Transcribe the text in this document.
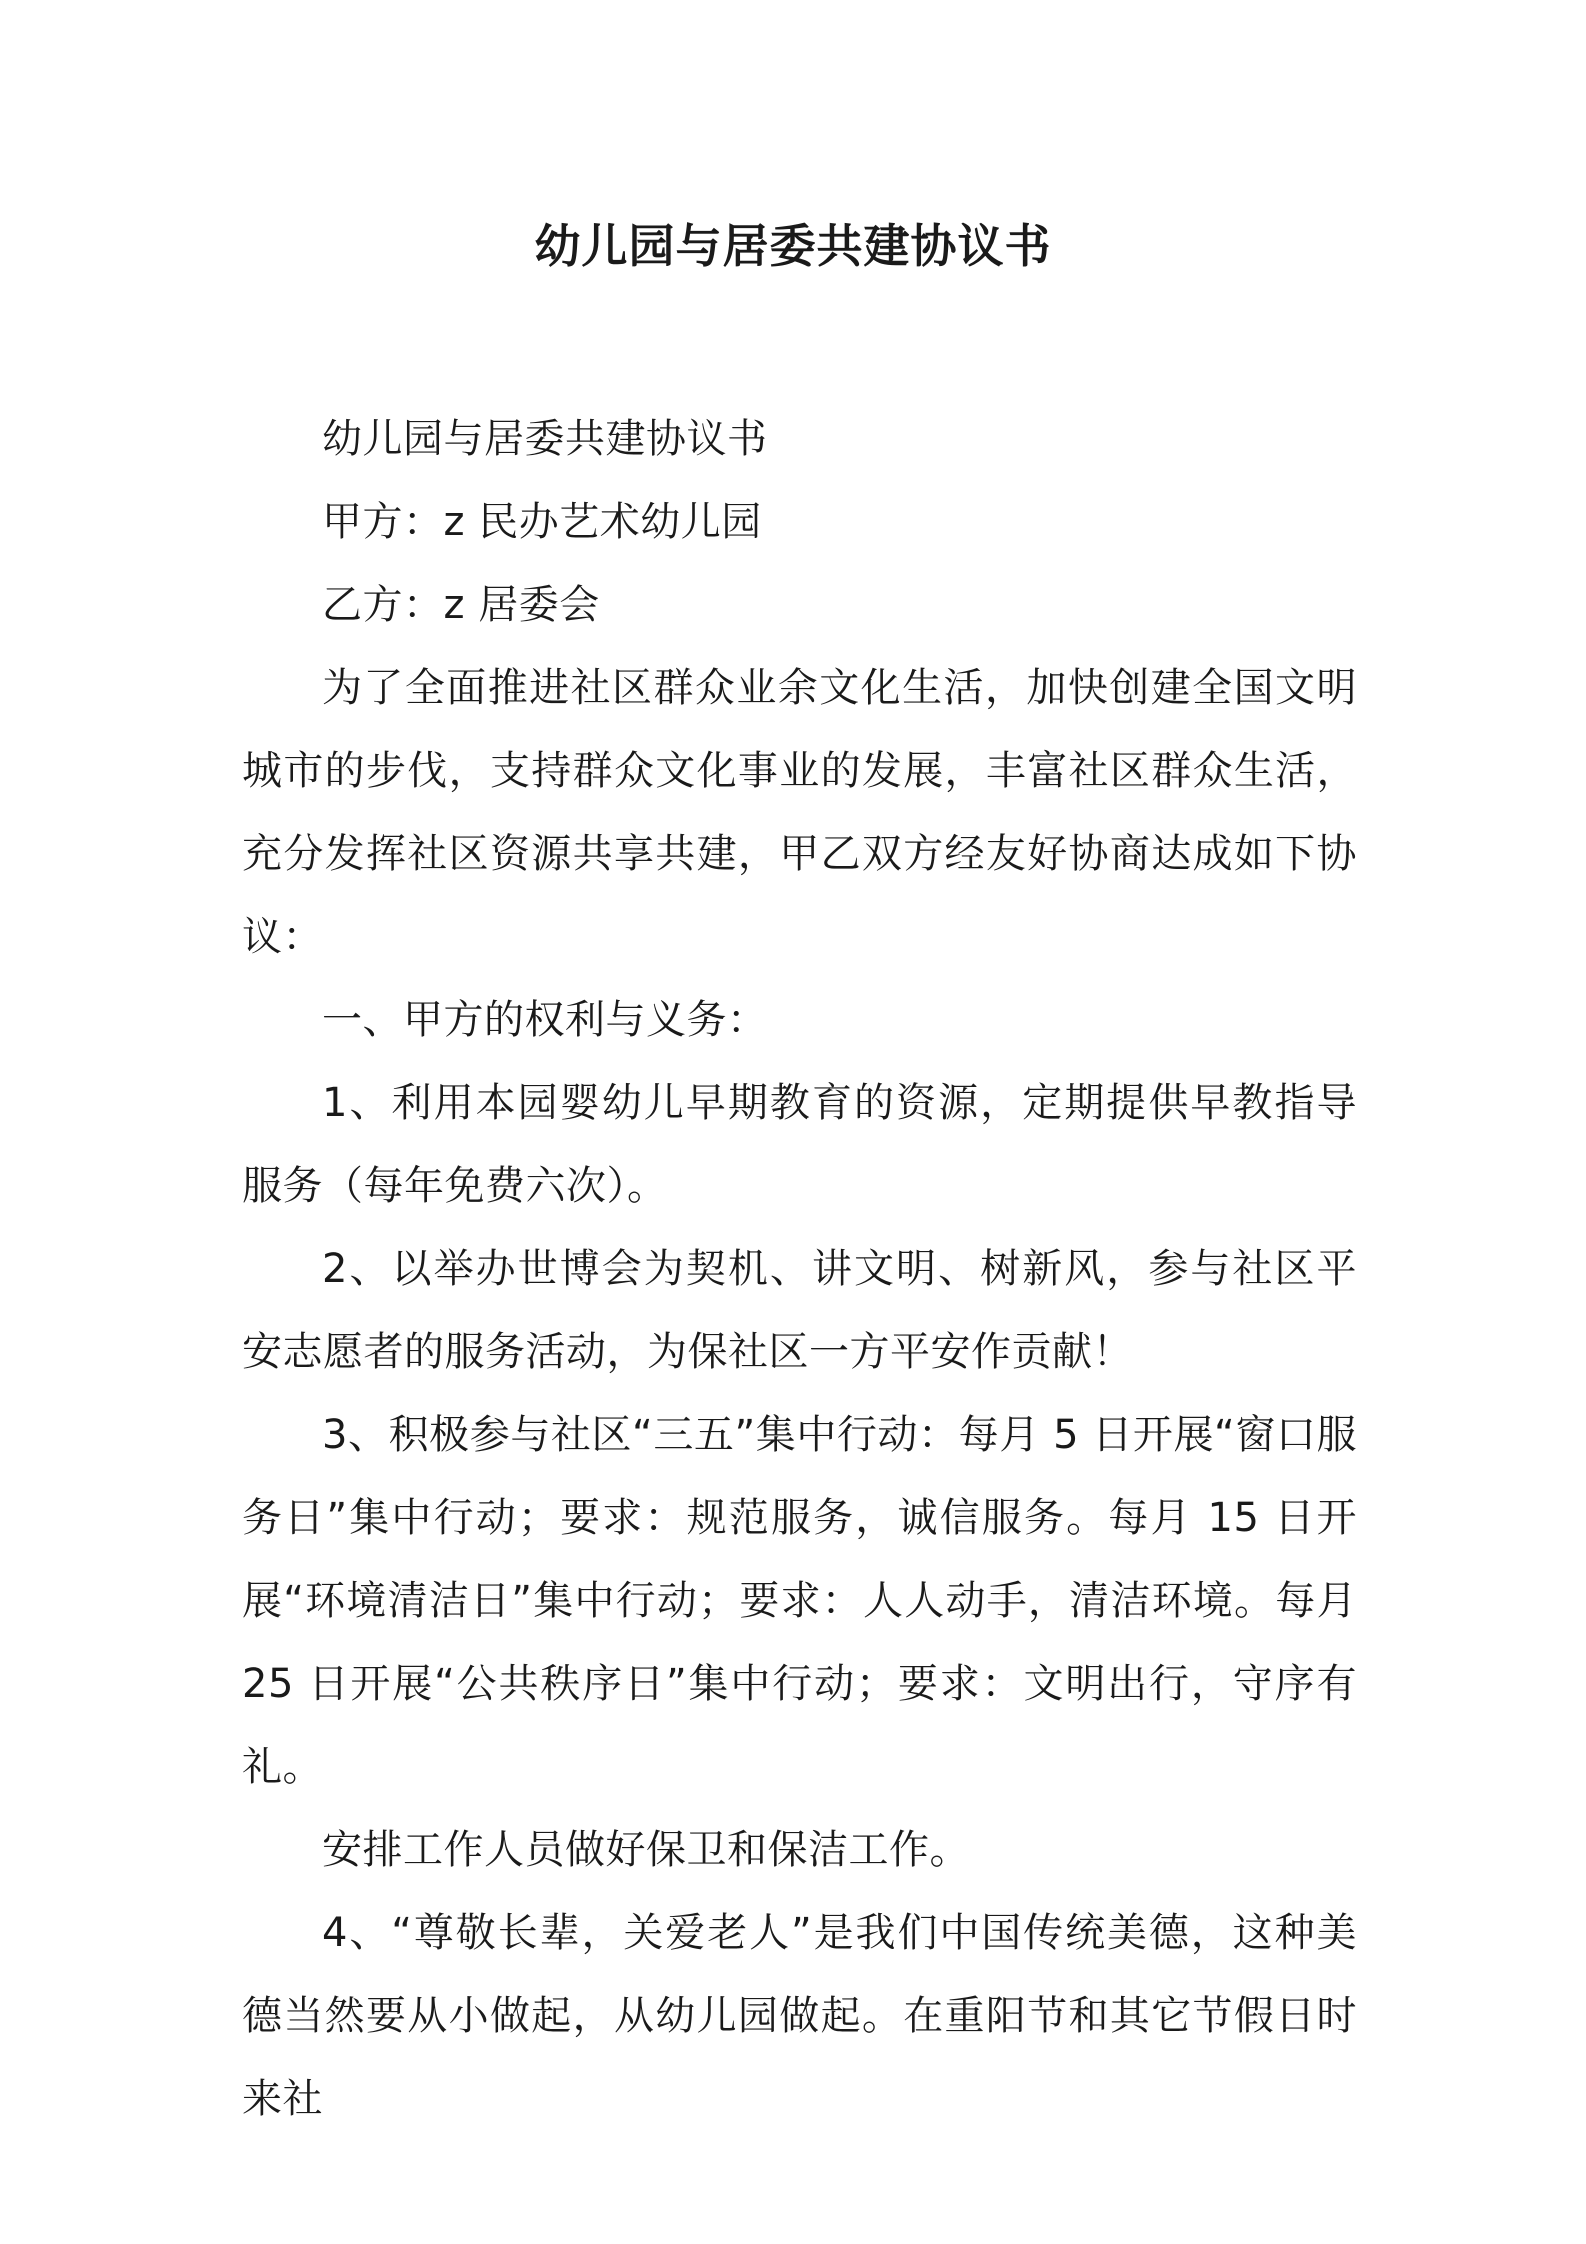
幼儿园与居委共建协议书

幼儿园与居委共建协议书

甲方：z 民办艺术幼儿园

乙方：z 居委会

为了全面推进社区群众业余文化生活，加快创建全国文明城市的步伐，支持群众文化事业的发展，丰富社区群众生活，充分发挥社区资源共享共建，甲乙双方经友好协商达成如下协议：

一、甲方的权利与义务：

1、利用本园婴幼儿早期教育的资源，定期提供早教指导服务（每年免费六次）。

2、以举办世博会为契机、讲文明、树新风，参与社区平安志愿者的服务活动，为保社区一方平安作贡献！

3、积极参与社区“三五”集中行动：每月 5 日开展“窗口服务日”集中行动；要求：规范服务，诚信服务。每月 15 日开展“环境清洁日”集中行动；要求：人人动手，清洁环境。每月 25 日开展“公共秩序日”集中行动；要求：文明出行，守序有礼。

安排工作人员做好保卫和保洁工作。

4、“尊敬长辈，关爱老人”是我们中国传统美德，这种美德当然要从小做起，从幼儿园做起。在重阳节和其它节假日时来社
